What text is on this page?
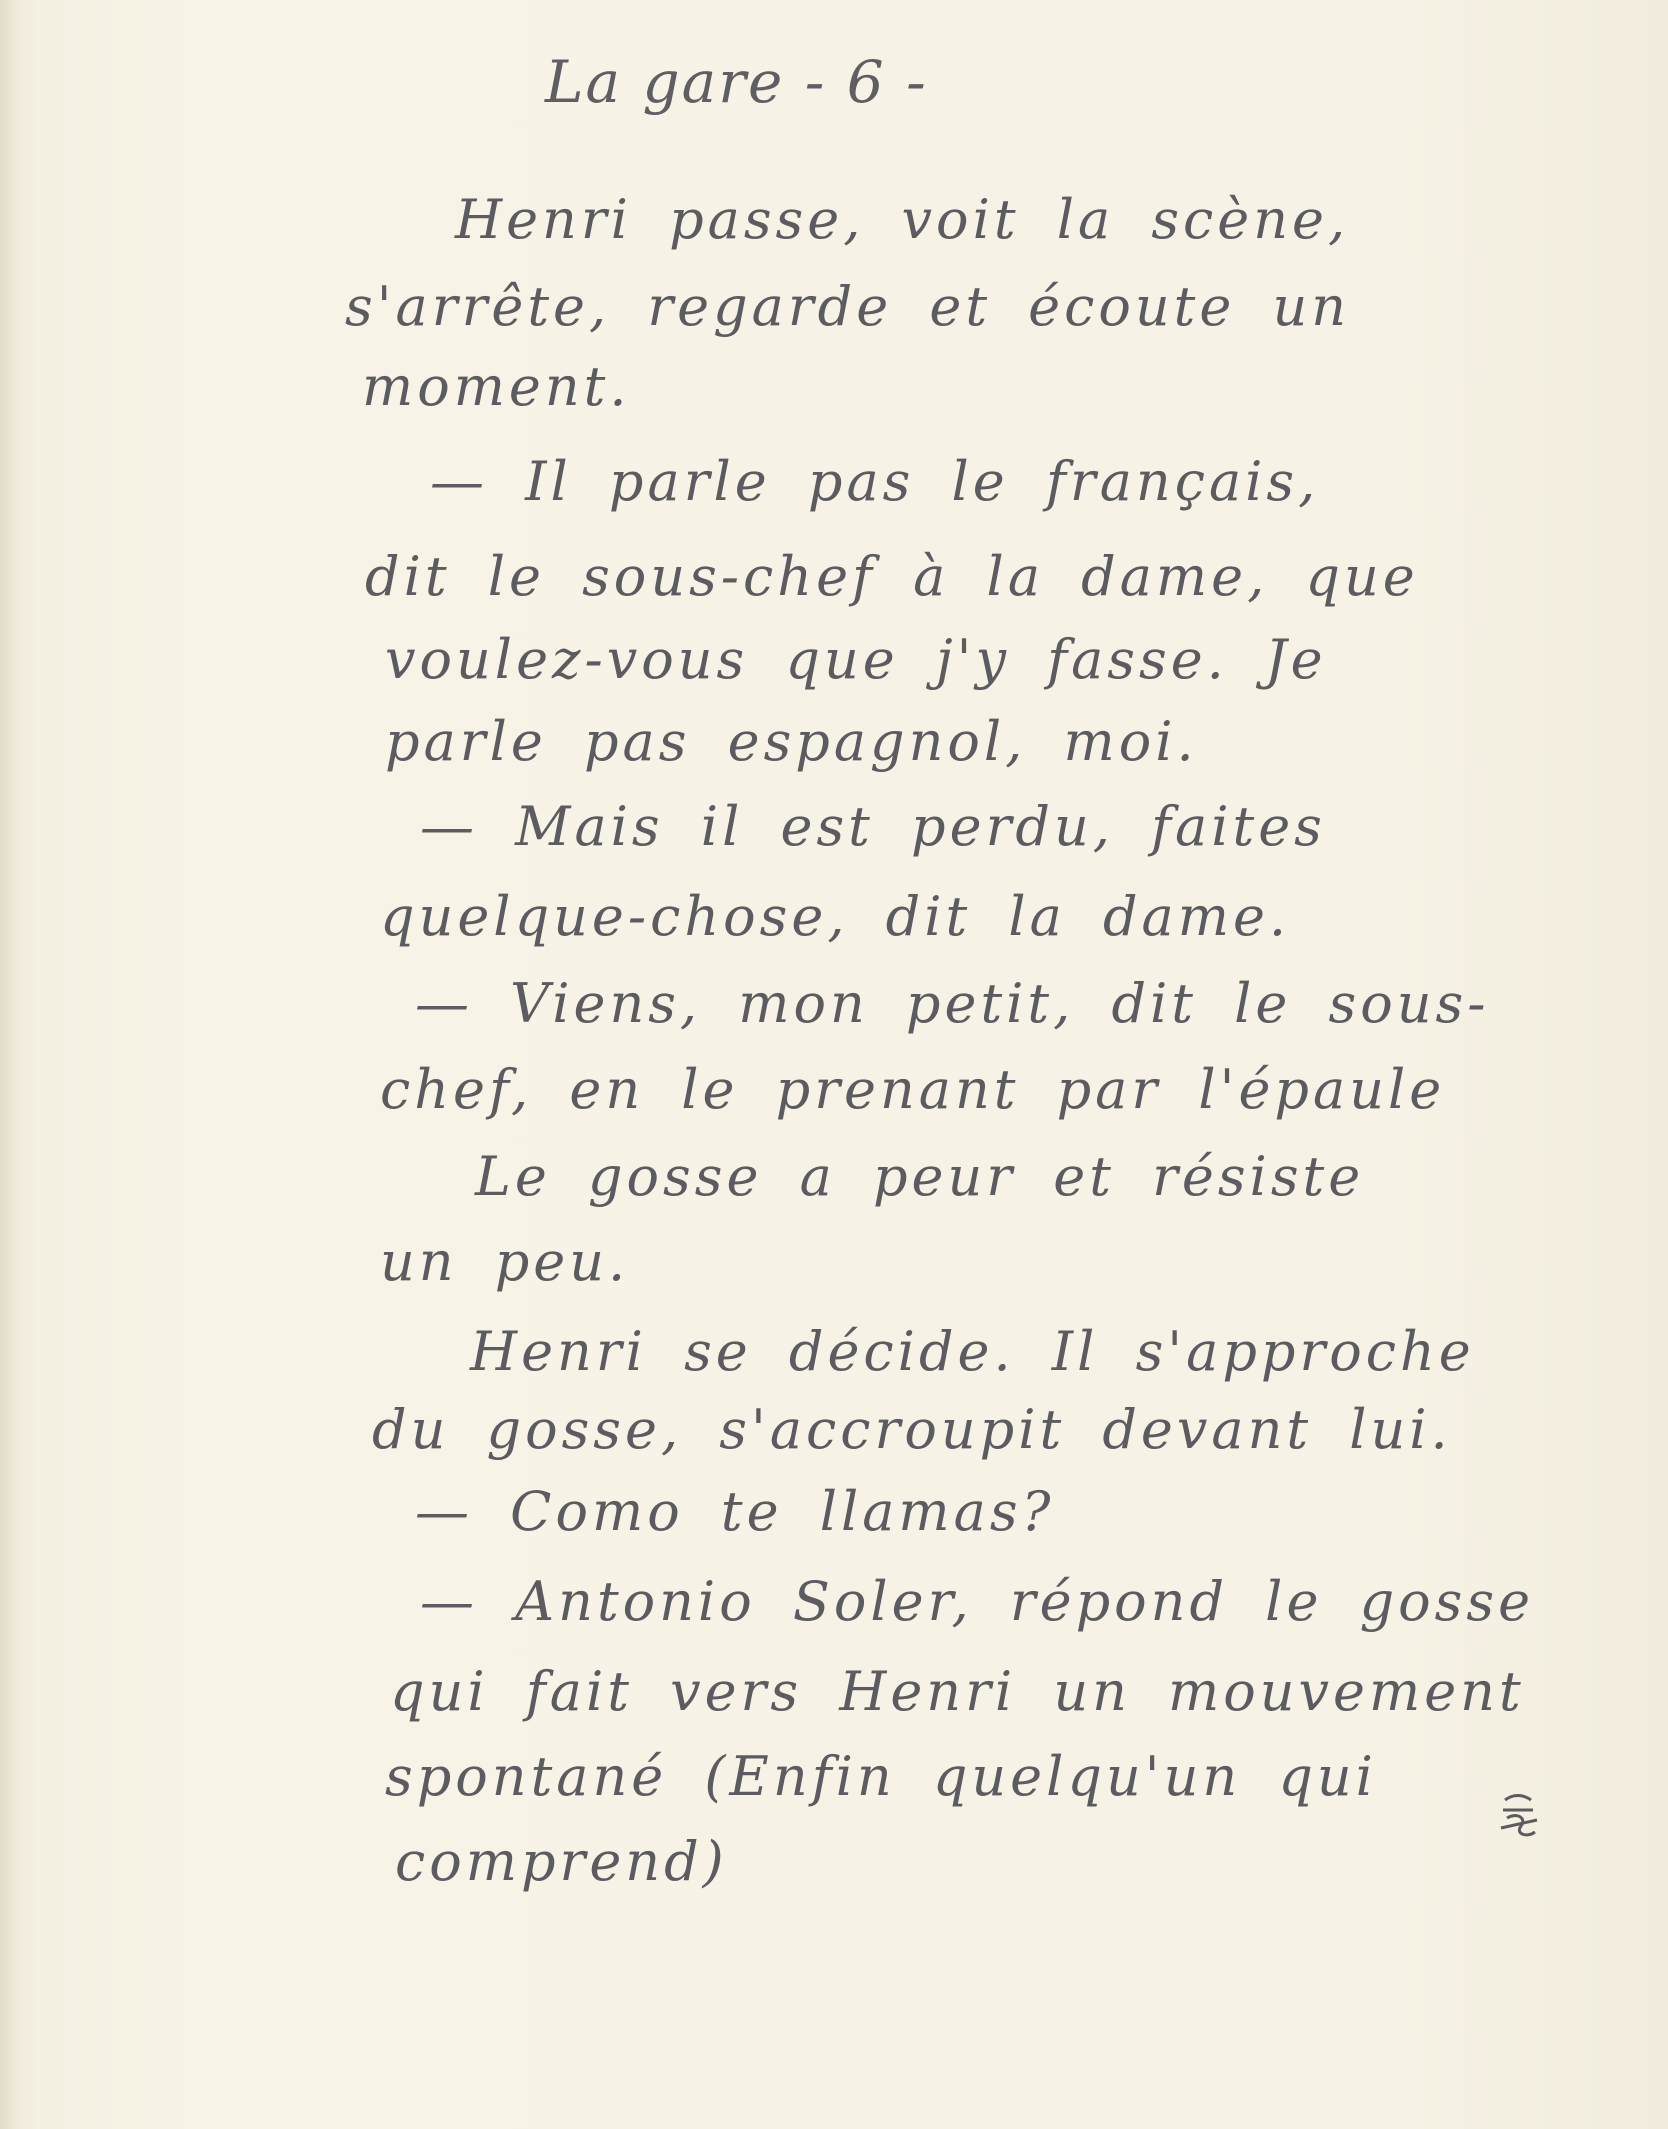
La gare - 6 -
Henri passe, voit la scène,
s'arrête, regarde et écoute un
moment.
— Il parle pas le français,
dit le sous-chef à la dame, que
voulez-vous que j'y fasse. Je
parle pas espagnol, moi.
— Mais il est perdu, faites
quelque-chose, dit la dame.
— Viens, mon petit, dit le sous-
chef, en le prenant par l'épaule
Le gosse a peur et résiste
un peu.
Henri se décide. Il s'approche
du gosse, s'accroupit devant lui.
— Como te llamas?
— Antonio Soler, répond le gosse
qui fait vers Henri un mouvement
spontané (Enfin quelqu'un qui
comprend)
